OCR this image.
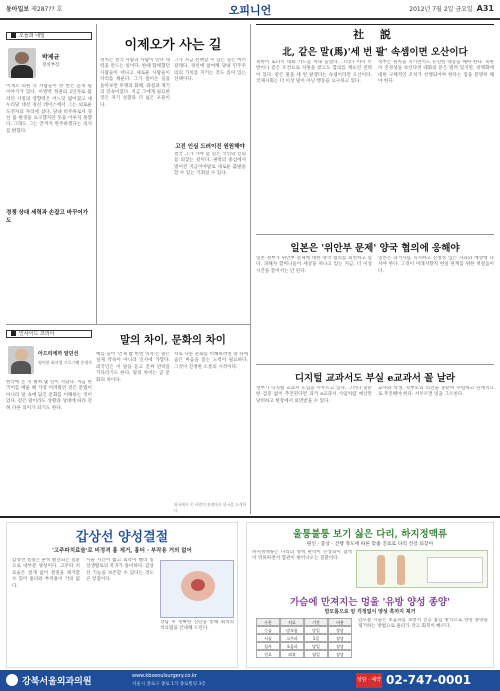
동아일보 제287?? 호	오피니언	2012년 7월 2일 금요일 A31
오늘과 내일
박제균
정치부장
이재오 의원 측 사람들이 한 번은 듣게 될 이야기가 있다. 이명박 정권의 2인자로 불리던 시절의 영향력은 어느덧 엷어졌고 새누리당 대선 경선 레이스에서 그는 외로운 도전자의 자리에 섰다. 당내 비주류로서 경선 룰 변경을 요구했지만 뜻을 이루지 못했다. 그래도 그는 끝까지 완주하겠다는 의지를 밝혔다.
경쟁 상대 세력과 손잡고 바꾸어가도
이제오가 사는 길
정치는 결국 사람과 사람이 만나 세력을 만드는 일이다. 한때 함께했던 사람들이 떠나고 새로운 사람들이 자리를 채운다. 그가 걸어온 길을 돌아보면 투쟁과 화해, 좌절과 재기의 연속이었다. 지금 그에게 필요한 것은 자기 성찰과 더 넓은 포용이다.
그가 지금 선택할 수 있는 길은 여러 갈래다. 경선에 참여해 당내 민주주의의 가치를 지키는 것도 의미 있는 선택이다.
고진 인심 드러이진 원원해야
결국 그가 가야 할 길은 국민의 신뢰를 되찾는 길이다. 권력의 중심에서 멀어진 지금이야말로 새로운 출발을 할 수 있는 기회일 수 있다.
인사이드 코리아
아드리에까 알던선
영어한 회사업 프로그램 운영자
한국에 온 지 벌써 몇 년이 지났다. 처음 한국어를 배울 때 가장 어려웠던 것은 문법이 아니라 말 속에 담긴 문화를 이해하는 것이었다. 같은 말이라도 상황과 상대에 따라 전혀 다른 의미가 되기도 한다.
말의 차이, 문화의 차이
예를 들어 '언제 밥 한번 먹자'는 말은 실제 약속이 아니라 인사에 가깝다. 외국인은 이 말을 듣고 진짜 연락을 기다리기도 한다. 말의 차이는 곧 문화의 차이다.
서로 다른 문화를 이해하려면 말 뒤에 숨은 마음을 읽는 노력이 필요하다. 그것이 진정한 소통의 시작이다.
외국에서 온 사람의 관점에서 한국을 소개한다
社 説
北, 같은 말(馬)'세 번 팔' 속셈이면 오산이다
북한이 또다시 대화 카드를 꺼내 들었다. 그러나 이미 두 번이나 같은 조건으로 지원을 받고도 합의를 깨뜨린 전력이 있다. 같은 말을 세 번 팔겠다는 속셈이라면 오산이다. 국제사회는 더 이상 말이 아닌 행동을 요구하고 있다.
정부는 원칙을 지키면서도 유연한 대응을 해야 한다. 북한이 진정성을 보인다면 대화의 문은 열려 있지만, 비핵화에 대한 구체적인 조치가 선행되어야 한다는 점을 분명히 해야 한다.
일본은 '위안부 문제' 양국 협의에 응해야
일본 정부가 위안부 문제에 대한 양국 협의를 외면하고 있다. 피해자 할머니들이 세상을 떠나고 있는 지금, 더 이상 시간을 끌어서는 안 된다.
일본은 과거사를 직시하고 진정성 있는 사과와 배상에 나서야 한다. 그것이 미래지향적 한일 관계를 위한 첫걸음이다.
디지털 교과서도 부실 e교과서 꼴 날라
정부가 디지털 교과서 도입을 서두르고 있다. 그러나 충분한 검증 없이 추진된다면 과거 e교과서 사업처럼 예산만 낭비하고 현장에서 외면받을 수 있다.
교사와 학생, 학부모의 의견을 충분히 수렴하고 단계적으로 추진해야 한다. 서두르면 일을 그르친다.
갑상선 양성결절
'고주파치료술'로 비정격 흉 제거, 흉터 · 부작용 거의 없어
갑상선 결절은 흔히 발견되는 질환으로 대부분 양성이다. 고주파 치료술은 절개 없이 결절을 제거할 수 있어 흉터와 부작용이 거의 없다.
시술 시간이 짧고 회복이 빨라 일상생활로의 복귀가 용이하다. 갑상선 기능을 보존할 수 있다는 것도 큰 장점이다.
상담 후 정확한 진단을 통해 최적의 치료법을 안내해 드린다.
울퉁불퉁 보기 싫은 다리, 하지정맥류
원인 · 증상 · 진행 정도에 따른 맞춤 진료로 다리 건강 되찾아
하지정맥류는 다리의 정맥 판막이 손상되어 혈액이 역류하면서 혈관이 튀어나오는 질환이다.
가슴에 만져지는 멍울 '유방 양성 종양'
맘모톰으로 암 걱정없이 양성 혹까지 제거
구분	치료	기간	비용
수술	맘모톰	당일	상담
시술	고주파	1일	상담
검사	초음파	당일	상담
진료	외과	평일	상담
맘모톰 시술은 초음파를 보면서 진공 흡입 방식으로 양성 종양을 제거하는 방법으로 흉터가 작고 회복이 빠르다.
강북서울외과의원
www.kbseoulsurgery.co.kr
서울시 종로구 종로 1가 종로빌딩 3층
상담 · 예약 02-747-0001
